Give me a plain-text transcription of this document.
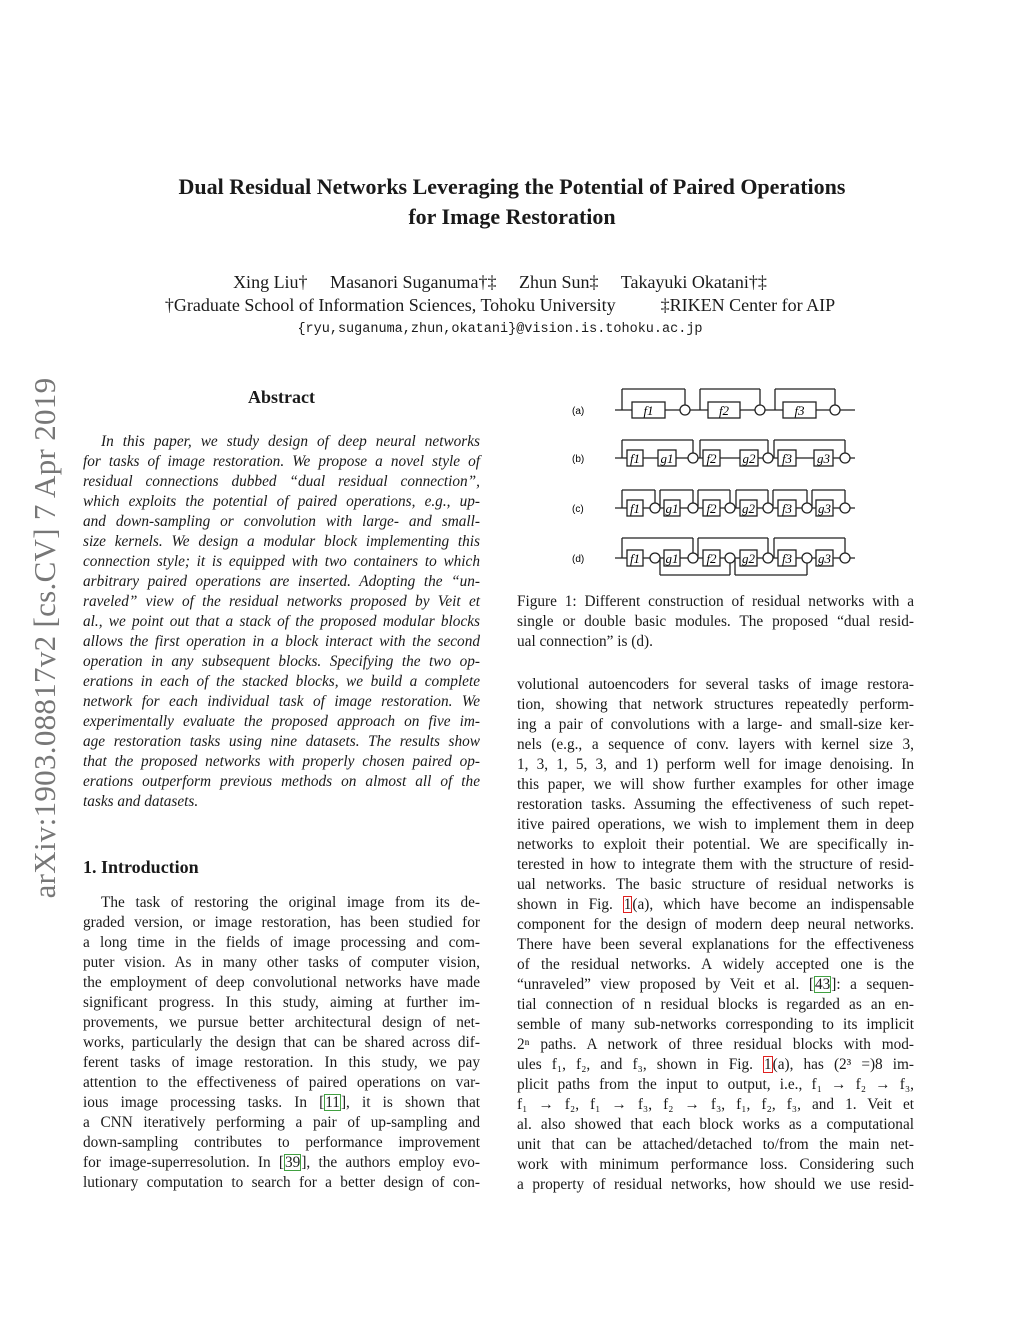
arXiv:1903.08817v2 [cs.CV] 7 Apr 2019
Dual Residual Networks Leveraging the Potential of Paired Operations
for Image Restoration
Xing Liu†     Masanori Suganuma†‡     Zhun Sun‡     Takayuki Okatani†‡
†Graduate School of Information Sciences, Tohoku University          ‡RIKEN Center for AIP
{ryu,suganuma,zhun,okatani}@vision.is.tohoku.ac.jp
Abstract
In this paper, we study design of deep neural networks
for tasks of image restoration. We propose a novel style of
residual connections dubbed “dual residual connection”,
which exploits the potential of paired operations, e.g., up-
and down-sampling or convolution with large- and small-
size kernels. We design a modular block implementing this
connection style; it is equipped with two containers to which
arbitrary paired operations are inserted. Adopting the “un-
raveled” view of the residual networks proposed by Veit et
al., we point out that a stack of the proposed modular blocks
allows the first operation in a block interact with the second
operation in any subsequent blocks. Specifying the two op-
erations in each of the stacked blocks, we build a complete
network for each individual task of image restoration. We
experimentally evaluate the proposed approach on five im-
age restoration tasks using nine datasets. The results show
that the proposed networks with properly chosen paired op-
erations outperform previous methods on almost all of the
tasks and datasets.
1. Introduction
The task of restoring the original image from its de-
graded version, or image restoration, has been studied for
a long time in the fields of image processing and com-
puter vision. As in many other tasks of computer vision,
the employment of deep convolutional networks have made
significant progress. In this study, aiming at further im-
provements, we pursue better architectural design of net-
works, particularly the design that can be shared across dif-
ferent tasks of image restoration. In this study, we pay
attention to the effectiveness of paired operations on var-
ious image processing tasks. In [11], it is shown that
a CNN iteratively performing a pair of up-sampling and
down-sampling contributes to performance improvement
for image-superresolution. In [39], the authors employ evo-
lutionary computation to search for a better design of con-
(a)	f1	f2	f3
(b)	f1 g1	f2 g2 f3 g3
(c)	f1 g1 f2 g2 f3 g3
(d)	f1 g1 f2 g2 f3 g3
Figure 1: Different construction of residual networks with a
single or double basic modules. The proposed “dual resid-
ual connection” is (d).
volutional autoencoders for several tasks of image restora-
tion, showing that network structures repeatedly perform-
ing a pair of convolutions with a large- and small-size ker-
nels (e.g., a sequence of conv. layers with kernel size 3,
1, 3, 1, 5, 3, and 1) perform well for image denoising. In
this paper, we will show further examples for other image
restoration tasks. Assuming the effectiveness of such repet-
itive paired operations, we wish to implement them in deep
networks to exploit their potential. We are specifically in-
terested in how to integrate them with the structure of resid-
ual networks. The basic structure of residual networks is
shown in Fig. 1(a), which have become an indispensable
component for the design of modern deep neural networks.
There have been several explanations for the effectiveness
of the residual networks. A widely accepted one is the
“unraveled” view proposed by Veit et al. [43]: a sequen-
tial connection of n residual blocks is regarded as an en-
semble of many sub-networks corresponding to its implicit
2ⁿ paths. A network of three residual blocks with mod-
ules f₁, f₂, and f₃, shown in Fig. 1(a), has (2³ =)8 im-
plicit paths from the input to output, i.e., f₁ → f₂ → f₃,
f₁ → f₂, f₁ → f₃, f₂ → f₃, f₁, f₂, f₃, and 1. Veit et
al. also showed that each block works as a computational
unit that can be attached/detached to/from the main net-
work with minimum performance loss. Considering such
a property of residual networks, how should we use resid-
